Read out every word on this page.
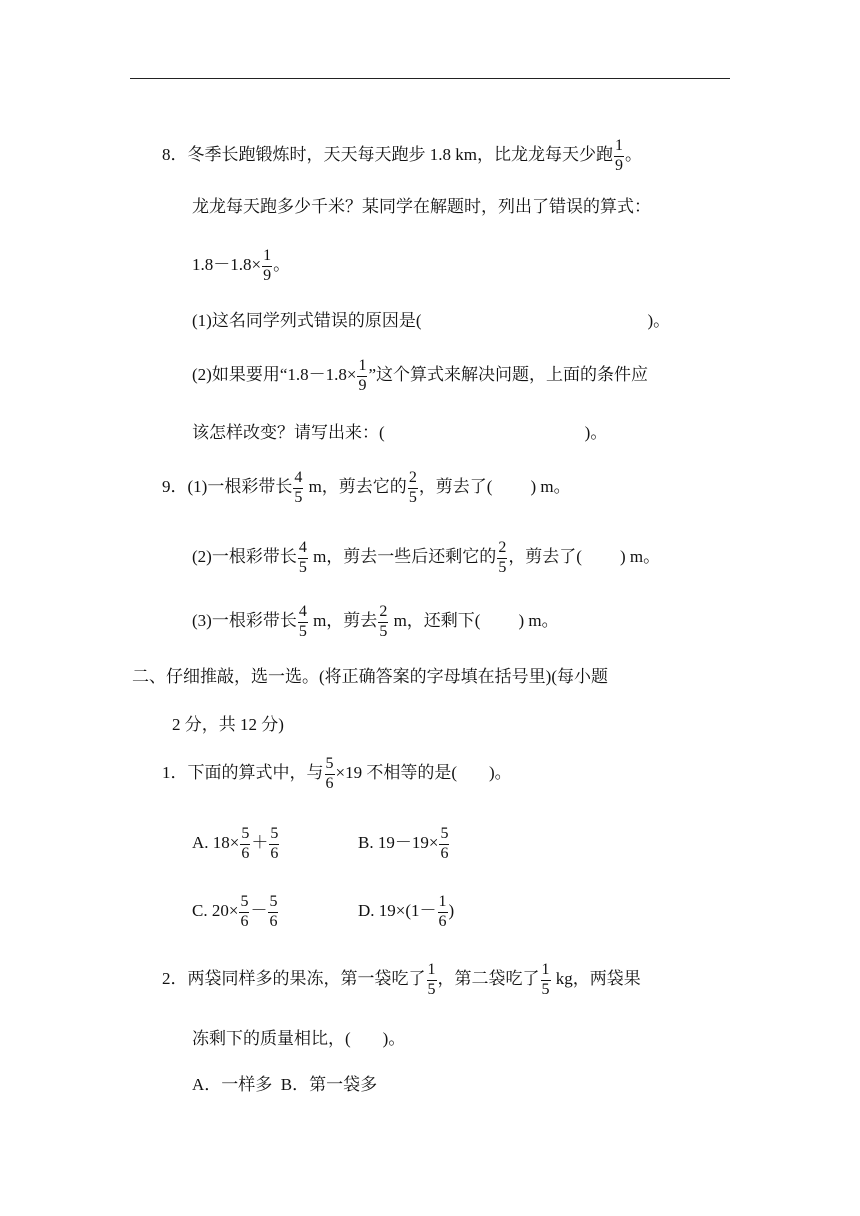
8．冬季长跑锻炼时，天天每天跑步 1.8 km，比龙龙每天少跑 $\frac{1}{9}$ 。
龙龙每天跑多少千米？某同学在解题时，列出了错误的算式：
$1.8-1.8\times \frac{1}{9}$ 。
(1)这名同学列式错误的原因是(	)。
(2)如果要用“$1.8-1.8\times \frac{1}{9}$ ”这个算式来解决问题，上面的条件应
该怎样改变？请写出来：(	)。
9．(1)一根彩带长 $\frac{4}{5}$ m，剪去它的 $\frac{2}{5}$ ，剪去了( ) m。
(2)一根彩带长 $\frac{4}{5}$ m，剪去一些后还剩它的 $\frac{2}{5}$ ，剪去了( ) m。
(3)一根彩带长 $\frac{4}{5}$ m，剪去 $\frac{2}{5}$ m，还剩下( ) m。
二、仔细推敲，选一选。(将正确答案的字母填在括号里)(每小题
2 分，共 12 分)
1．下面的算式中，与 $\frac{5}{6} \times 19$ 不相等的是( )。
A. $18\times \frac{5}{6} + \frac{5}{6}$	B. $19-19\times \frac{5}{6}$
C. $20\times \frac{5}{6} - \frac{5}{6}$	D. $19\times(1- \frac{1}{6}$ )
2．两袋同样多的果冻，第一袋吃了 $\frac{1}{5}$ ，第二袋吃了 $\frac{1}{5}$ kg，两袋果
冻剩下的质量相比，( )。
A．一样多  B．第一袋多
